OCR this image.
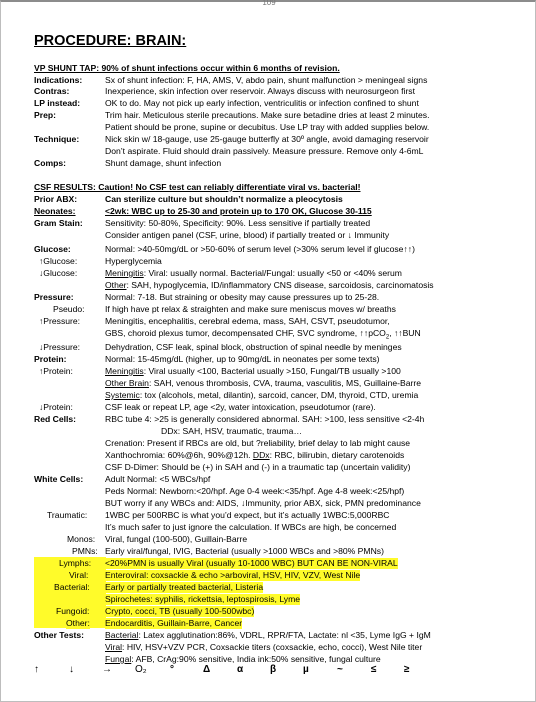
109
PROCEDURE: BRAIN:
VP SHUNT TAP: 90% of shunt infections occur within 6 months of revision.
Indications:	Sx of shunt infection: F, HA, AMS, V, abdo pain, shunt malfunction > meningeal signs
Contras:	Inexperience, skin infection over reservoir. Always discuss with neurosurgeon first
LP instead:	OK to do. May not pick up early infection, ventriculitis or infection confined to shunt
Prep:	Trim hair. Meticulous sterile precautions. Make sure betadine dries at least 2 minutes.
Patient should be prone, supine or decubitus. Use LP tray with added supplies below.
Technique:	Nick skin w/ 18-gauge, use 25-gauge butterfly at 30º angle, avoid damaging reservoir
Don’t aspirate. Fluid should drain passively. Measure pressure. Remove only 4-6mL
Comps:	Shunt damage, shunt infection
CSF RESULTS: Caution! No CSF test can reliably differentiate viral vs. bacterial!
Prior ABX:	Can sterilize culture but shouldn’t normalize a pleocytosis
Neonates:	<2wk: WBC up to 25-30 and protein up to 170 OK, Glucose 30-115
Gram Stain:	Sensitivity: 50-80%, Specificity: 90%. Less sensitive if partially treated
Consider antigen panel (CSF, urine, blood) if partially treated or ↓ Immunity
Glucose:	Normal: >40-50mg/dL or >50-60% of serum level (>30% serum level if glucose↑↑)
↑Glucose:	Hyperglycemia
↓Glucose:	Meningitis: Viral: usually normal. Bacterial/Fungal: usually <50 or <40% serum
Other: SAH, hypoglycemia, ID/inflammatory CNS disease, sarcoidosis, carcinomatosis
Pressure:	Normal: 7-18. But straining or obesity may cause pressures up to 25-28.
Pseudo: If high have pt relax & straighten and make sure meniscus moves w/ breaths
↑Pressure:	Meningitis, encephalitis, cerebral edema, mass, SAH, CSVT, pseudotumor,
GBS, choroid plexus tumor, decompensated CHF, SVC syndrome, ↑↑pCO$_2$, ↑↑BUN
↓Pressure:	Dehydration, CSF leak, spinal block, obstruction of spinal needle by meninges
Protein:	Normal: 15-45mg/dL (higher, up to 90mg/dL in neonates per some texts)
↑Protein:	Meningitis: Viral usually <100, Bacterial usually >150, Fungal/TB usually >100
Other Brain: SAH, venous thrombosis, CVA, trauma, vasculitis, MS, Guillaine-Barre
Systemic: tox (alcohols, metal, dilantin), sarcoid, cancer, DM, thyroid, CTD, uremia
↓Protein:	CSF leak or repeat LP, age <2y, water intoxication, pseudotumor (rare).
Red Cells:	RBC tube 4: >25 is generally considered abnormal. SAH: >100, less sensitive <2-4h
DDx: SAH, HSV, traumatic, trauma…
Crenation: Present if RBCs are old, but ?reliability, brief delay to lab might cause
Xanthochromia: 60%@6h, 90%@12h. DDx: RBC, bilirubin, dietary carotenoids
CSF D-Dimer: Should be (+) in SAH and (-) in a traumatic tap (uncertain validity)
White Cells:	Adult Normal: <5 WBCs/hpf
Peds Normal: Newborn:<20/hpf. Age 0-4 week:<35/hpf. Age 4-8 week:<25/hpf)
BUT worry if any WBCs and: AIDS, ↓Immunity, prior ABX, sick, PMN predominance
Traumatic: 1WBC per 500RBC is what you’d expect, but it’s actually 1WBC:5,000RBC
It’s much safer to just ignore the calculation. If WBCs are high, be concerned
Monos: Viral, fungal (100-500), Guillain-Barre
PMNs: Early viral/fungal, IVIG, Bacterial (usually >1000 WBCs and >80% PMNs)
Lymphs: <20%PMN is usually Viral (usually 10-1000 WBC) BUT CAN BE NON-VIRAL
Viral: Enteroviral: coxsackie & echo >arboviral, HSV, HIV, VZV, West Nile
Bacterial: Early or partially treated bacterial, Listeria
Spirochetes: syphilis, rickettsia, leptospirosis, Lyme
Fungoid: Crypto, cocci, TB (usually 100-500wbc)
Other: Endocarditis, Guillain-Barre, Cancer
Other Tests: Bacterial: Latex agglutination:86%, VDRL, RPR/FTA, Lactate: nl <35, Lyme IgG + IgM
Viral: HIV, HSV+VZV PCR, Coxsackie titers (coxsackie, echo, cocci), West Nile titer
Fungal: AFB, CrAg:90% sensitive, India ink:50% sensitive, fungal culture
↑	↓	→ O₂ °	Δ	α	β	µ	~	≤	≥
